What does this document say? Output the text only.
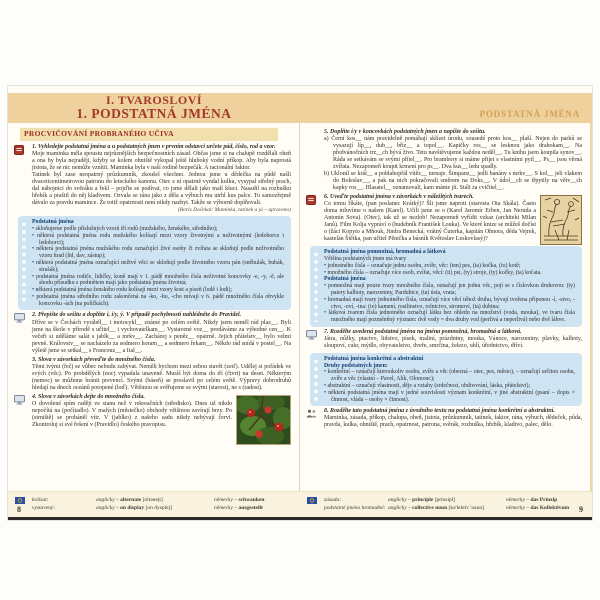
I. TVAROSLOVÍ
1. PODSTATNÁ JMÉNA	PODSTATNÁ JMÉNA
PROCVIČOVÁNÍ PROBRANÉHO UČIVA
1. Vyhledejte podstatná jména a u podstatných jmen v prvním odstavci určete pád, číslo, rod a vzor.
Moje maminka měla spoustu nejrůznějších bezpečnostních zásad. Občas jsme si na chalupě rozdělali oheň a ona by byla nejraději, kdyby se kolem ohniště vykopal ještě hluboký vodní příkop. Aby byla naprostá jistota, že se nic nemůže vznítit. Maminka byla v naší rodině bezpečák. A racionální faktor.
Tatínek byl zase neopatrný průzkumník, zkoušel všechno. Jednou jsme u dědečka na půdě našli dvaceticentimetrovou patronu do leteckého kanonu. Otec z ní opatrně vyndal kulku, vysypal střelný prach, dal nábojnici do svěráku a řekl – pojďte se podívat, co jsme dělali jako malí kluci. Nasadil na rozbušku hřebík a praštil do něj kladivem. Ozvala se rána jako z děla a výbuch mu utrhl kus palce. To samozřejmě dávalo za pravdu mamince. Že totiž opatrnosti není nikdy nazbyt. Takže se výborně doplňovali.
(Boris Dočekal: Maminka, tatínek a já – upraveno)
Podstatná jména
• skloňujeme podle příslušných vzorů tří rodů (mužského, ženského, středního);
• některá podstatná jména rodu mužského kolísají mezi vzory životnými a neživotnými (ledoborce i ledoborci);
• některá podstatná jména mužského rodu označující živé osoby či zvířata se skloňují podle neživotného vzoru hrad (lid, dav, zástup);
• některá podstatná jména označující neživé věci se skloňují podle životného vzoru pán (sněhulák, bubák, strašák);
• podstatná jména rodiče, lidičky, koně mají v 1. pádě množného čísla neživotné koncovky -e, -y, -ě, ale shodu přísudku s podmětem mají jako podstatná jména životná;
• některá podstatná jména ženského rodu kolísají mezi vzory kost a píseň (lodě i lodi);
• podstatná jména středního rodu zakončená na -ko, -ho, -cho mívají v 6. pádě množného čísla obvykle koncovku -ách (na políčkách).
2. Přepište do sešitu a doplňte i, í/y, ý. V případě pochybností nahlédněte do Pravidel.
Dříve se v Čechách vyráběl__ i motocykl__ známé po celém světě. Nikdy jsem neměl rád plaz__. Byli jsme na škole v přírodě s učitel__ i vychovatelkam__. Vystavené voz__ prodáváme za výhodné cen__. K večeři si uděláme salát s jablk__ a mrkv__. Zacházej s peněz__ opatrně. Jejich přátelstv__ bylo velmi pevné. Královstv__ se nacházelo za sedmero horam__ a sedmero řekam__. Někdo rád snídá v postel__. Na výletě jsme se setkal__ s Francouz__ a Ital__.
3. Slova v závorkách převeďte do množného čísla.
Těmi tvými (řeč) se vůbec nebudu zabývat. Neměli bychom mezi sebou stavět (zeď). Udělej si pořádek ve svých (věc). Po probdělých (noc) vypadala unaveně. Musíš být doma do tří (čtvrt) na deset. Některým (nemoc) se můžeme bránit prevencí. Svými (báseň) se proslavil po celém světě. Výpravy dobrodruhů hledají na dnech oceánů potopené (loď). Většinou se svěřujeme se svými (starost), ne s (radost).
4. Slova v závorkách dejte do množného čísla.
O dovolené spím raději ve stanu než v rekreačních (středisko). Dnes už nikdo nepočítá na (počítadlo). V malých (městečko) obchody většinou zavírají brzy. Po (strniště) se proháněl vítr. V (jablko) z našeho sadu nikdy nebývají červi. Zkontroluj si své řešení v (Pravidlo) českého pravopisu.
5. Doplňte i/y v koncovkách podstatných jmen a napište do sešitu.
a) Černí kos__ nám pravidelně pomáhají sklízet úrodu, sousedé proto kos__ plaší. Nejen do parků se vysazují líp__, dub__, bříz__ a topol__. Kapičky ros__ se lesknou jako drahokam__. Na předvánočních trz__ch bývá živo. Tetu navštěvujeme každou neděl__. Tu knihu jsem koupila synov__. Ráda se setkávám se svými přítel__. Pro brambory si máme přijet s vlastními pytl__. Ps__ jsou věrná zvířata. Nezapomeň koupit krmení pro ps__. Dva kus__ ledu spadly.
b) Uklonil se král__ a poblahopřál vítěz__ turnaje. Šimpanz__ jedli banány s mrkv__. S kol__ jeli vlakem do Boleslav__, a pak na nich pokračovali směrem na Doks__. V údol__ch se třpytily na větv__ch kapky ros__. Hlasatel__ oznamovali, kam máme jít. Stáli za cvičitel__.
6. Uveďte podstatná jména v závorkách v náležitých tvarech.
Co tomu říkáte, (pan poslanec Krátký)? Šli jsme naproti (starosta Ota Skála). Často doma mluvíme o našem (Karel). Učili jsme se o (Karel Jaromír Erben, Jan Neruda a Antonín Sova). (Otec), tak už se nezlob! Nezapomeň vyřídit vzkaz (architekt Milan Janů). Film Kolja vypráví o (hudebník František Louka). Ve které knize se můžeš dočíst o (žáci Kopyto a Mňouk, Jindra Benecká, vrátný Čuterka, kapitán Ohnora, děda Vejrek, kastelán Štětka, pan učitel Pěnička a básník Květoslav Leskovlasý)?
Podstatná jména pomnožná, hromadná a látková
Většina podstatných jmen má tvary
• jednotného čísla – označuje jednu osobu, zvíře, věc: (ten) pes, (ta) kočka, (to) kotě;
• množného čísla – označuje více osob, zvířat, věcí: (ti) psi, (ty) stroje, (ty) kočky, (ta) koťata.
Podstatná jména
• pomnožná mají pouze tvary množného čísla, označují jen jednu věc, pojí se s číslovkou druhovou: (ty) patery kalhoty, narozeniny, Pardubice, (ta) ústa, vrata;
• hromadná mají tvary jednotného čísla, označují více věcí téhož druhu, bývají tvořena příponou -í, -stvo, -ctvo, -oví, -ina: (to) kamení, rostlinstvo, rolnictvo, stromoví, (ta) dubina;
• látková tvarem čísla jednotného označují látku bez ohledu na množství (voda, mouka), ve tvaru čísla množného mají pozměněný význam: dvě vody = dva druhy vod (perlivá a neperlivá) nebo dvě láhve.
7. Rozdělte uvedená podstatná jména na jména pomnožná, hromadná a látková.
Játra, nůžky, ptactvo, lidstvo, písek, maliní, prázdniny, mouka, Vánoce, narozeniny, plavky, kalhoty, sloupoví, cukr, mýdlo, obyvatelstvo, dveře, smrčina, železo, uhlí, úřednictvo, dříví.
Podstatná jména konkrétní a abstraktní
Druhy podstatných jmen:
• konkrétní – označují kteroukoliv osobu, zvíře a věc (obecná – otec, pes, město), – označují určitou osobu, zvíře a věc (vlastní – Pavel, Alík, Olomouc);
• abstraktní – označují vlastnosti, děje a vztahy (srdečnost, obdivování, láska, přátelství);
• některá podstatná jména mají v jedné souvislosti význam konkrétní, v jiné abstraktní (psaní – dopis × činnost, vláda – osoby × činnost).
8. Rozdělte tato podstatná jména z úvodního textu na podstatná jména konkrétní a abstraktní.
Maminka, zásada, příkop, chalupa, oheň, jistota, průzkumník, tatínek, faktor, rána, výbuch, dědeček, půda, pravda, kulka, ohniště, prach, opatrnost, patrona, svěrák, rozbuška, hřebík, kladivo, palec, dělo.
8
kolísat:	anglicky – alternate [oltənejt]	německy – schwanken
vystavený:	anglicky – on display [on dysplej]	německy – ausgestellt	9
zásada:	anglicky – principle [prinsipl]	německy – das Prinzip
podstatné jméno hromadné: anglicky – collective noun [kə'lektiv 'naun]	německy – das Kollektivum
